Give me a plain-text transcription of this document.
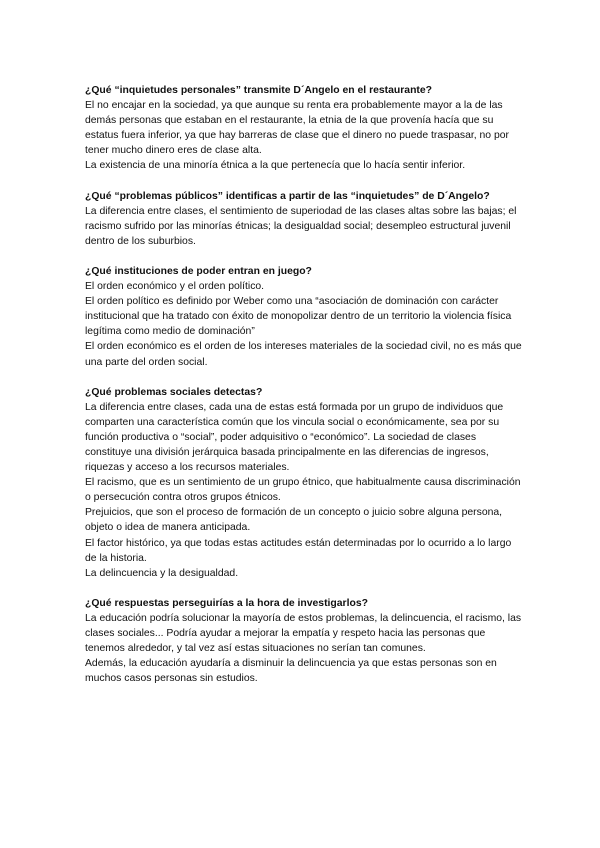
¿Qué “inquietudes personales” transmite D´Angelo en el restaurante?

El no encajar en la sociedad, ya que aunque su renta era probablemente mayor a la de las demás personas que estaban en el restaurante, la etnia de la que provenía hacía que su estatus fuera inferior, ya que hay barreras de clase que el dinero no puede traspasar, no por tener mucho dinero eres de clase alta.

La existencia de una minoría étnica a la que pertenecía que lo hacía sentir inferior.

¿Qué “problemas públicos” identificas a partir de las “inquietudes” de D´Angelo?

La diferencia entre clases, el sentimiento de superiodad de las clases altas sobre las bajas; el racismo sufrido por las minorías étnicas; la desigualdad social; desempleo estructural juvenil dentro de los suburbios.

¿Qué instituciones de poder entran en juego?

El orden económico y el orden político.

El orden político es definido por Weber como una “asociación de dominación con carácter institucional que ha tratado con éxito de monopolizar dentro de un territorio la violencia física legítima como medio de dominación”

El orden económico es el orden de los intereses materiales de la sociedad civil, no es más que una parte del orden social.

¿Qué problemas sociales detectas?

La diferencia entre clases, cada una de estas está formada por un grupo de individuos que comparten una característica común que los vincula social o económicamente, sea por su función productiva o “social”, poder adquisitivo o “económico”. La sociedad de clases constituye una división jerárquica basada principalmente en las diferencias de ingresos, riquezas y acceso a los recursos materiales.

El racismo, que es un sentimiento de un grupo étnico, que habitualmente causa discriminación o persecución contra otros grupos étnicos.

Prejuicios, que son el proceso de formación de un concepto o juicio sobre alguna persona, objeto o idea de manera anticipada.

El factor histórico, ya que todas estas actitudes están determinadas por lo ocurrido a lo largo de la historia.

La delincuencia y la desigualdad.

¿Qué respuestas perseguirías a la hora de investigarlos?

La educación podría solucionar la mayoría de estos problemas, la delincuencia, el racismo, las clases sociales... Podría ayudar a mejorar la empatía y respeto hacia las personas que tenemos alrededor, y tal vez así estas situaciones no serían tan comunes.

Además, la educación ayudaría a disminuir la delincuencia ya que estas personas son en muchos casos personas sin estudios.
